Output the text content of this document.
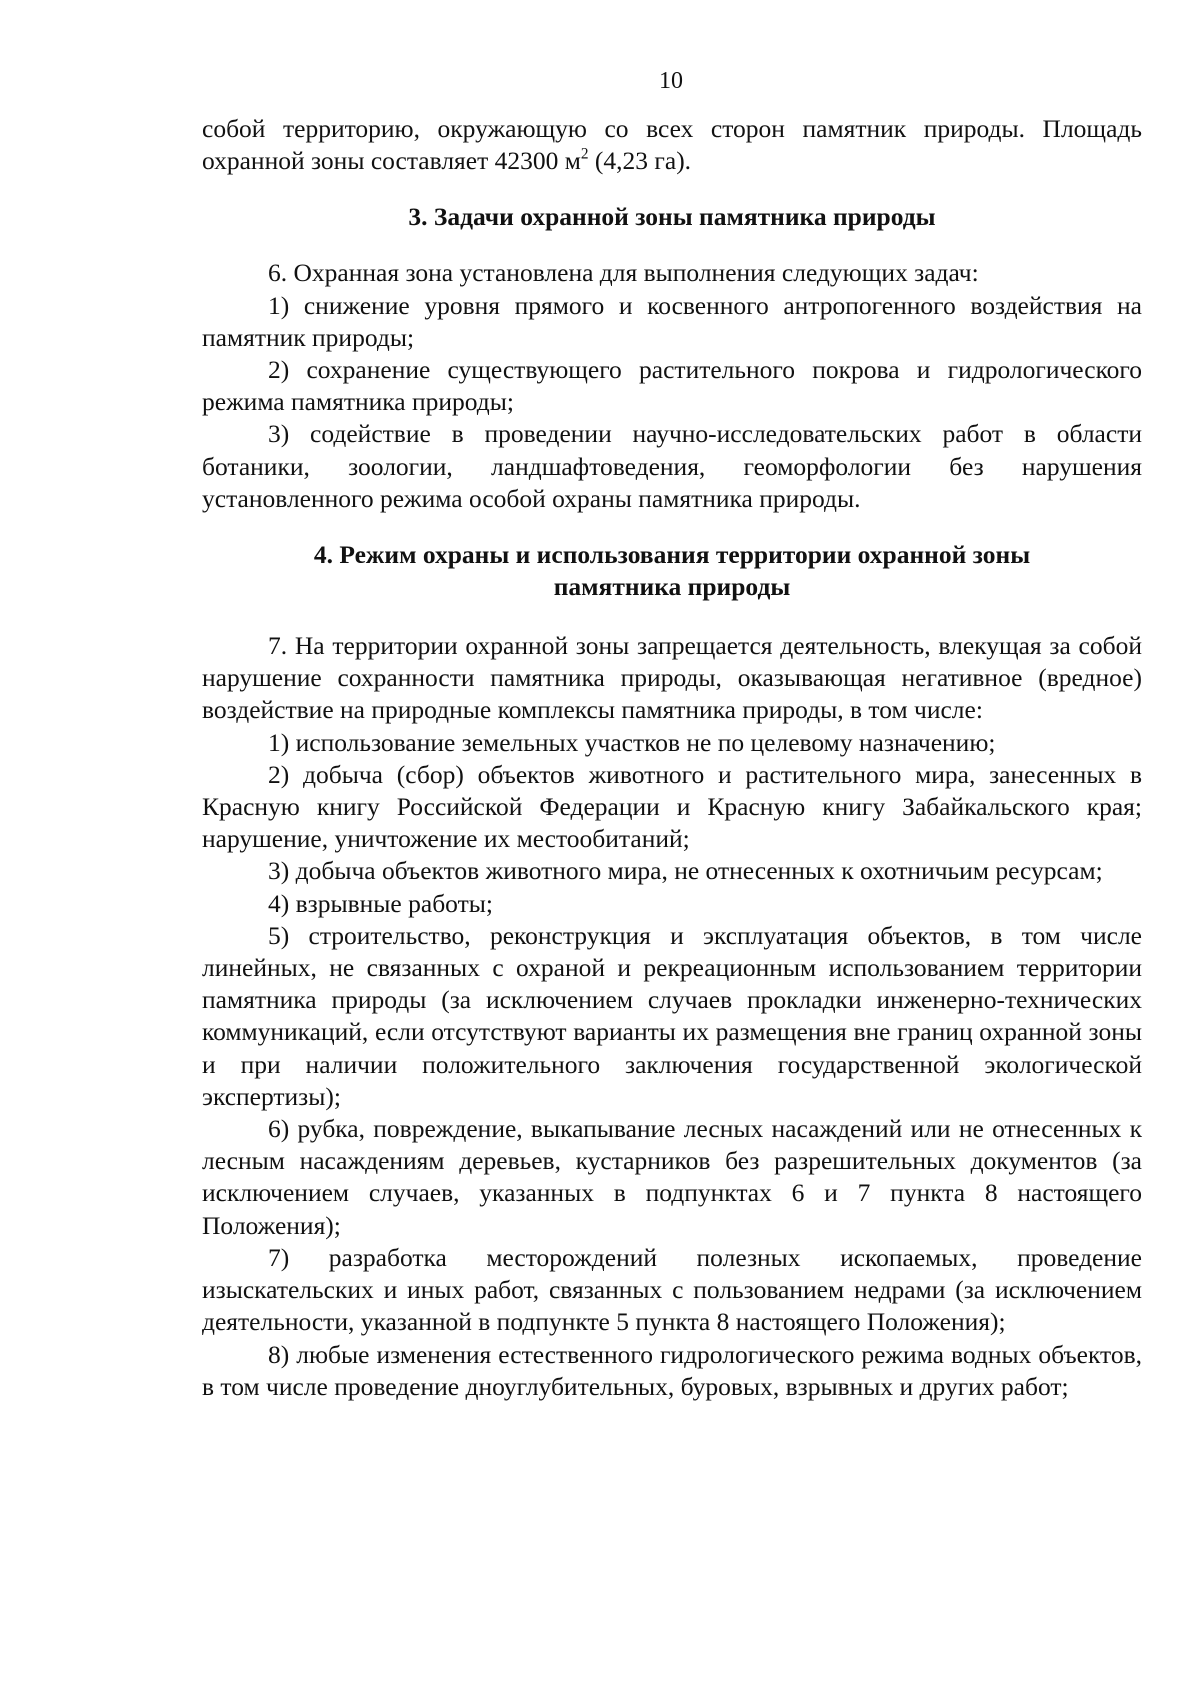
10

собой территорию, окружающую со всех сторон памятник природы. Площадь охранной зоны составляет 42300 $м^2$ (4,23 га).

3. Задачи охранной зоны памятника природы

6. Охранная зона установлена для выполнения следующих задач:

1) снижение уровня прямого и косвенного антропогенного воздействия на памятник природы;

2) сохранение существующего растительного покрова и гидрологического режима памятника природы;

3) содействие в проведении научно-исследовательских работ в области ботаники, зоологии, ландшафтоведения, геоморфологии без нарушения установленного режима особой охраны памятника природы.

4. Режим охраны и использования территории охранной зоны памятника природы

7. На территории охранной зоны запрещается деятельность, влекущая за собой нарушение сохранности памятника природы, оказывающая негативное (вредное) воздействие на природные комплексы памятника природы, в том числе:

1) использование земельных участков не по целевому назначению;

2) добыча (сбор) объектов животного и растительного мира, занесенных в Красную книгу Российской Федерации и Красную книгу Забайкальского края; нарушение, уничтожение их местообитаний;

3) добыча объектов животного мира, не отнесенных к охотничьим ресурсам;

4) взрывные работы;

5) строительство, реконструкция и эксплуатация объектов, в том числе линейных, не связанных с охраной и рекреационным использованием территории памятника природы (за исключением случаев прокладки инженерно-технических коммуникаций, если отсутствуют варианты их размещения вне границ охранной зоны и при наличии положительного заключения государственной экологической экспертизы);

6) рубка, повреждение, выкапывание лесных насаждений или не отнесенных к лесным насаждениям деревьев, кустарников без разрешительных документов (за исключением случаев, указанных в подпунктах 6 и 7 пункта 8 настоящего Положения);

7) разработка месторождений полезных ископаемых, проведение изыскательских и иных работ, связанных с пользованием недрами (за исключением деятельности, указанной в подпункте 5 пункта 8 настоящего Положения);

8) любые изменения естественного гидрологического режима водных объектов, в том числе проведение дноуглубительных, буровых, взрывных и других работ;
